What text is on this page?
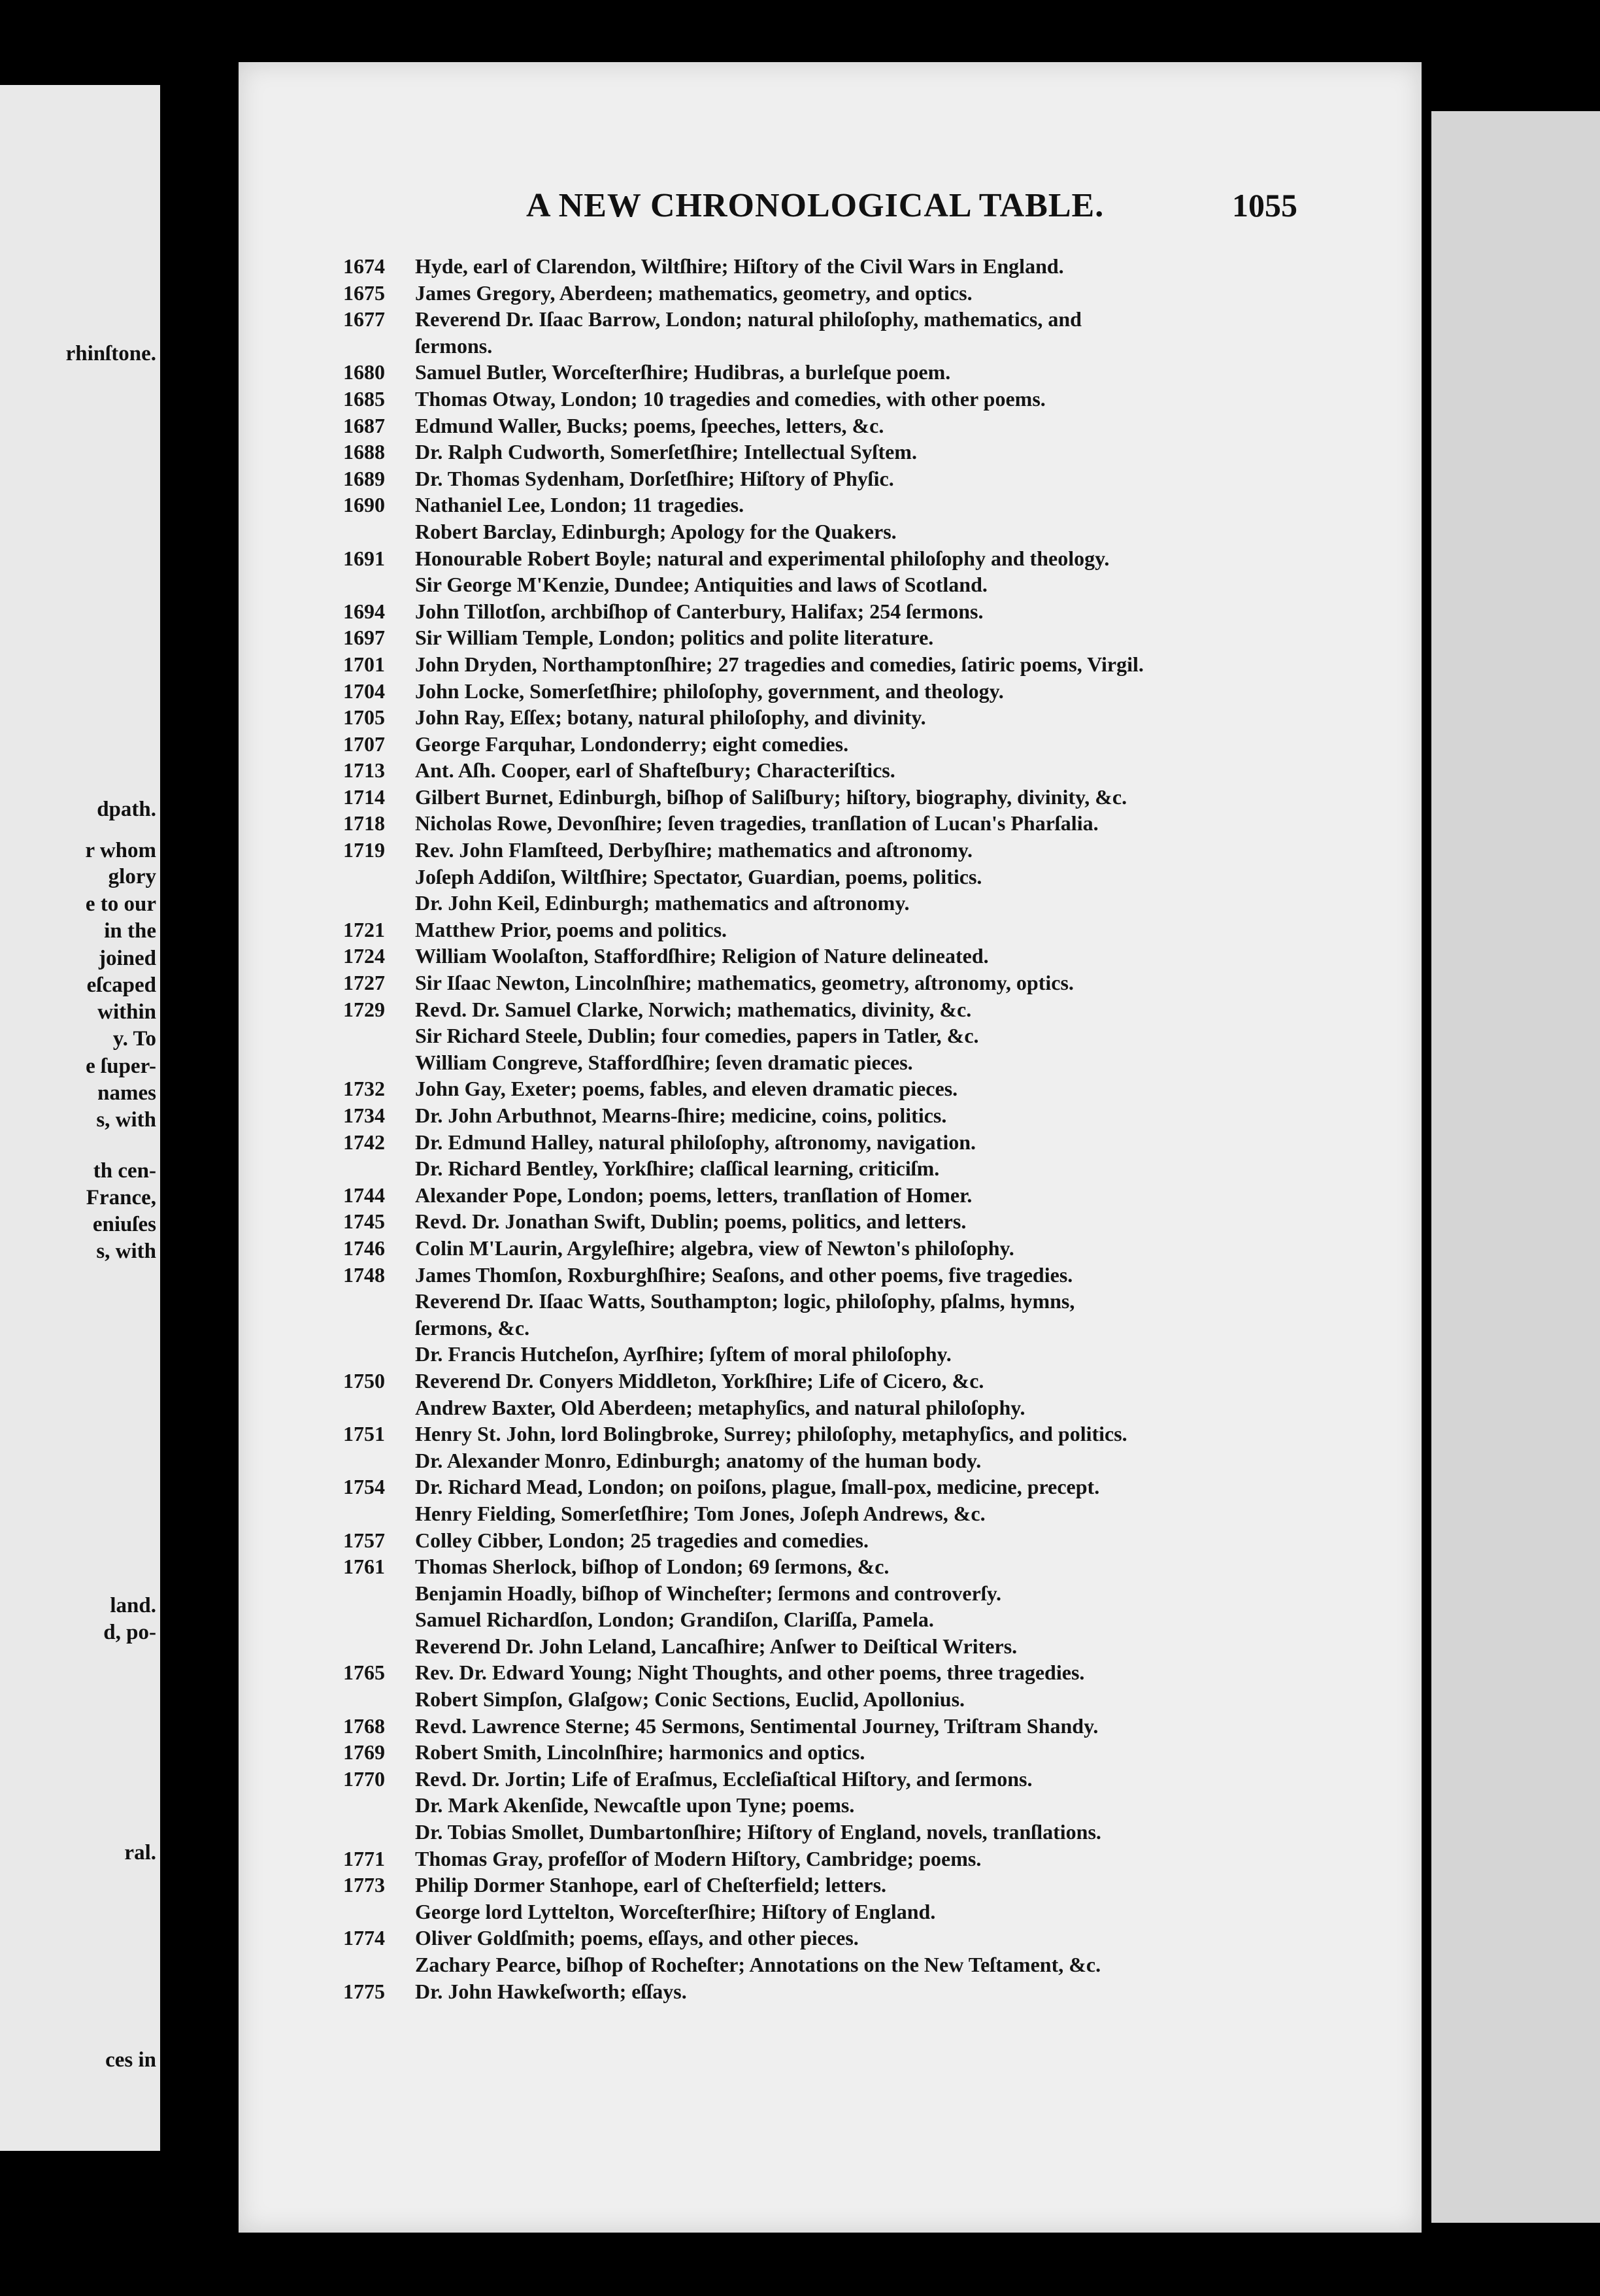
rhinſtone.
dpath.
r whom
glory
e to our
in the
joined
eſcaped
within
y. To
e ſuper-
names
s, with
th cen-
France,
eniuſes
s, with
land.
d, po-
ral.
ces in
A NEW CHRONOLOGICAL TABLE.	1055
1674	Hyde, earl of Clarendon, Wiltſhire; Hiſtory of the Civil Wars in England.
1675	James Gregory, Aberdeen; mathematics, geometry, and optics.
1677	Reverend Dr. Iſaac Barrow, London; natural philoſophy, mathematics, and
ſermons.
1680	Samuel Butler, Worceſterſhire; Hudibras, a burleſque poem.
1685	Thomas Otway, London; 10 tragedies and comedies, with other poems.
1687	Edmund Waller, Bucks; poems, ſpeeches, letters, &c.
1688	Dr. Ralph Cudworth, Somerſetſhire; Intellectual Syſtem.
1689	Dr. Thomas Sydenham, Dorſetſhire; Hiſtory of Phyſic.
1690	Nathaniel Lee, London; 11 tragedies.
Robert Barclay, Edinburgh; Apology for the Quakers.
1691	Honourable Robert Boyle; natural and experimental philoſophy and theology.
Sir George M'Kenzie, Dundee; Antiquities and laws of Scotland.
1694	John Tillotſon, archbiſhop of Canterbury, Halifax; 254 ſermons.
1697	Sir William Temple, London; politics and polite literature.
1701	John Dryden, Northamptonſhire; 27 tragedies and comedies, ſatiric poems, Virgil.
1704	John Locke, Somerſetſhire; philoſophy, government, and theology.
1705	John Ray, Eſſex; botany, natural philoſophy, and divinity.
1707	George Farquhar, Londonderry; eight comedies.
1713	Ant. Aſh. Cooper, earl of Shafteſbury; Characteriſtics.
1714	Gilbert Burnet, Edinburgh, biſhop of Saliſbury; hiſtory, biography, divinity, &c.
1718	Nicholas Rowe, Devonſhire; ſeven tragedies, tranſlation of Lucan's Pharſalia.
1719	Rev. John Flamſteed, Derbyſhire; mathematics and aſtronomy.
Joſeph Addiſon, Wiltſhire; Spectator, Guardian, poems, politics.
Dr. John Keil, Edinburgh; mathematics and aſtronomy.
1721	Matthew Prior, poems and politics.
1724	William Woolaſton, Staffordſhire; Religion of Nature delineated.
1727	Sir Iſaac Newton, Lincolnſhire; mathematics, geometry, aſtronomy, optics.
1729	Revd. Dr. Samuel Clarke, Norwich; mathematics, divinity, &c.
Sir Richard Steele, Dublin; four comedies, papers in Tatler, &c.
William Congreve, Staffordſhire; ſeven dramatic pieces.
1732	John Gay, Exeter; poems, fables, and eleven dramatic pieces.
1734	Dr. John Arbuthnot, Mearns-ſhire; medicine, coins, politics.
1742	Dr. Edmund Halley, natural philoſophy, aſtronomy, navigation.
Dr. Richard Bentley, Yorkſhire; claſſical learning, criticiſm.
1744	Alexander Pope, London; poems, letters, tranſlation of Homer.
1745	Revd. Dr. Jonathan Swift, Dublin; poems, politics, and letters.
1746	Colin M'Laurin, Argyleſhire; algebra, view of Newton's philoſophy.
1748	James Thomſon, Roxburghſhire; Seaſons, and other poems, five tragedies.
Reverend Dr. Iſaac Watts, Southampton; logic, philoſophy, pſalms, hymns,
ſermons, &c.
Dr. Francis Hutcheſon, Ayrſhire; ſyſtem of moral philoſophy.
1750	Reverend Dr. Conyers Middleton, Yorkſhire; Life of Cicero, &c.
Andrew Baxter, Old Aberdeen; metaphyſics, and natural philoſophy.
1751	Henry St. John, lord Bolingbroke, Surrey; philoſophy, metaphyſics, and politics.
Dr. Alexander Monro, Edinburgh; anatomy of the human body.
1754	Dr. Richard Mead, London; on poiſons, plague, ſmall-pox, medicine, precept.
Henry Fielding, Somerſetſhire; Tom Jones, Joſeph Andrews, &c.
1757	Colley Cibber, London; 25 tragedies and comedies.
1761	Thomas Sherlock, biſhop of London; 69 ſermons, &c.
Benjamin Hoadly, biſhop of Wincheſter; ſermons and controverſy.
Samuel Richardſon, London; Grandiſon, Clariſſa, Pamela.
Reverend Dr. John Leland, Lancaſhire; Anſwer to Deiſtical Writers.
1765	Rev. Dr. Edward Young; Night Thoughts, and other poems, three tragedies.
Robert Simpſon, Glaſgow; Conic Sections, Euclid, Apollonius.
1768	Revd. Lawrence Sterne; 45 Sermons, Sentimental Journey, Triſtram Shandy.
1769	Robert Smith, Lincolnſhire; harmonics and optics.
1770	Revd. Dr. Jortin; Life of Eraſmus, Eccleſiaſtical Hiſtory, and ſermons.
Dr. Mark Akenſide, Newcaſtle upon Tyne; poems.
Dr. Tobias Smollet, Dumbartonſhire; Hiſtory of England, novels, tranſlations.
1771	Thomas Gray, profeſſor of Modern Hiſtory, Cambridge; poems.
1773	Philip Dormer Stanhope, earl of Cheſterfield; letters.
George lord Lyttelton, Worceſterſhire; Hiſtory of England.
1774	Oliver Goldſmith; poems, eſſays, and other pieces.
Zachary Pearce, biſhop of Rocheſter; Annotations on the New Teſtament, &c.
1775	Dr. John Hawkeſworth; eſſays.
